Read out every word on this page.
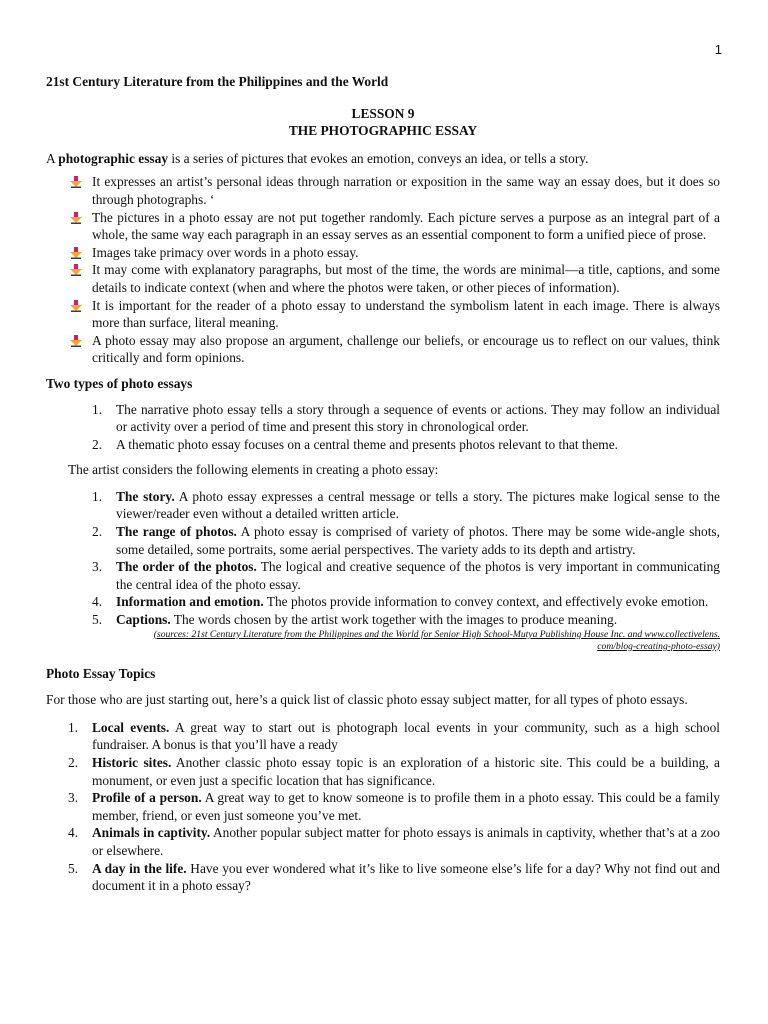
1

21st Century Literature from the Philippines and the World

LESSON 9

THE PHOTOGRAPHIC ESSAY

A photographic essay is a series of pictures that evokes an emotion, conveys an idea, or tells a story.

It expresses an artist’s personal ideas through narration or exposition in the same way an essay does, but it does so through photographs. ‘
The pictures in a photo essay are not put together randomly. Each picture serves a purpose as an integral part of a whole, the same way each paragraph in an essay serves as an essential component to form a unified piece of prose.
Images take primacy over words in a photo essay.
It may come with explanatory paragraphs, but most of the time, the words are minimal—a title, captions, and some details to indicate context (when and where the photos were taken, or other pieces of information).
It is important for the reader of a photo essay to understand the symbolism latent in each image. There is always more than surface, literal meaning.
A photo essay may also propose an argument, challenge our beliefs, or encourage us to reflect on our values, think critically and form opinions.

Two types of photo essays

1. The narrative photo essay tells a story through a sequence of events or actions. They may follow an individual or activity over a period of time and present this story in chronological order.
2. A thematic photo essay focuses on a central theme and presents photos relevant to that theme.

The artist considers the following elements in creating a photo essay:

1. The story. A photo essay expresses a central message or tells a story. The pictures make logical sense to the viewer/reader even without a detailed written article.
2. The range of photos. A photo essay is comprised of variety of photos. There may be some wide-angle shots, some detailed, some portraits, some aerial perspectives. The variety adds to its depth and artistry.
3. The order of the photos. The logical and creative sequence of the photos is very important in communicating the central idea of the photo essay.
4. Information and emotion. The photos provide information to convey context, and effectively evoke emotion.
5. Captions. The words chosen by the artist work together with the images to produce meaning.

(sources: 21st Century Literature from the Philippines and the World for Senior High School-Mutya Publishing House Inc. and www.collectivelens.
com/blog-creating-photo-essay)

Photo Essay Topics

For those who are just starting out, here’s a quick list of classic photo essay subject matter, for all types of photo essays.

1. Local events. A great way to start out is photograph local events in your community, such as a high school fundraiser. A bonus is that you’ll have a ready
2. Historic sites. Another classic photo essay topic is an exploration of a historic site. This could be a building, a monument, or even just a specific location that has significance.
3. Profile of a person. A great way to get to know someone is to profile them in a photo essay. This could be a family member, friend, or even just someone you’ve met.
4. Animals in captivity. Another popular subject matter for photo essays is animals in captivity, whether that’s at a zoo or elsewhere.
5. A day in the life. Have you ever wondered what it’s like to live someone else’s life for a day? Why not find out and document it in a photo essay?
